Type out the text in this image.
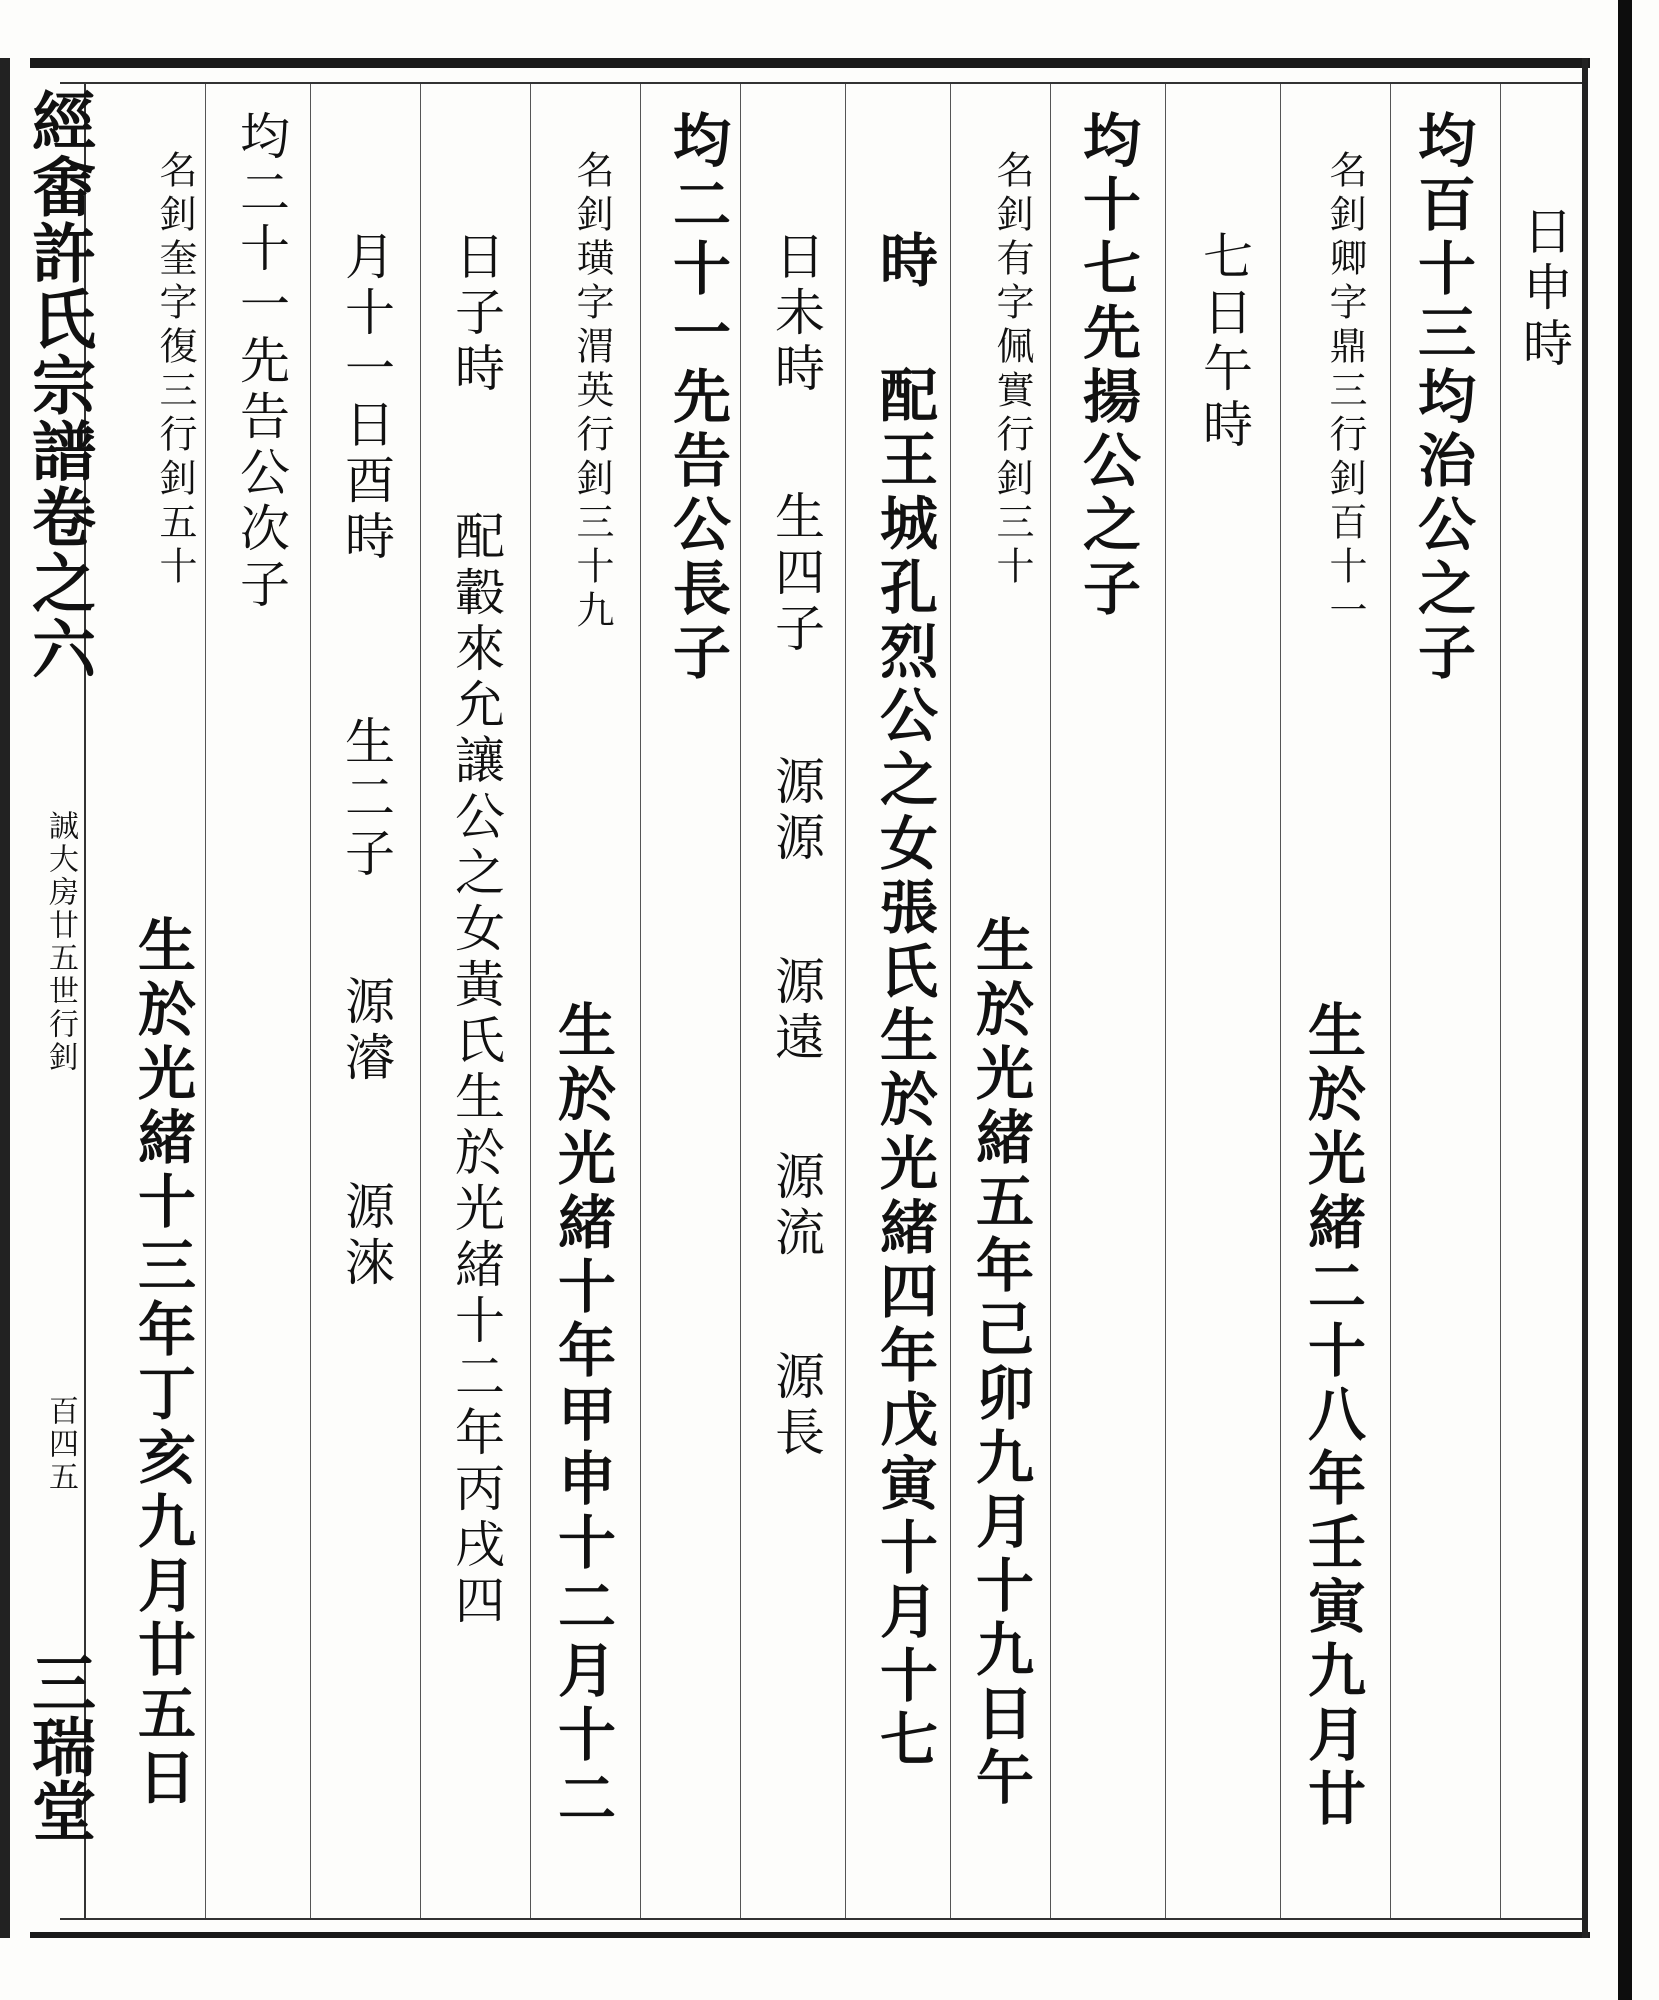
經畬許氏宗譜卷之六
誠大房廿五世行釗
百四五
三瑞堂
日申時
均百十三均治公之子
名釗卿字鼎三行釗百十一
生於光緒二十八年壬寅九月廿
七日午時
均十七先揚公之子
名釗有字佩實行釗三十
生於光緒五年己卯九月十九日午
時
配王城孔烈公之女張氏生於光緒四年戊寅十月十七
日未時
生四子
源源
源遠
源流
源長
均二十一先告公長子
名釗璜字渭英行釗三十九
生於光緒十年甲申十二月十二
日子時
配轂來允讓公之女黃氏生於光緒十二年丙戌四
月十一日酉時
生二子
源濬
源淶
均二十一先告公次子
名釗奎字復三行釗五十
生於光緒十三年丁亥九月廿五日
